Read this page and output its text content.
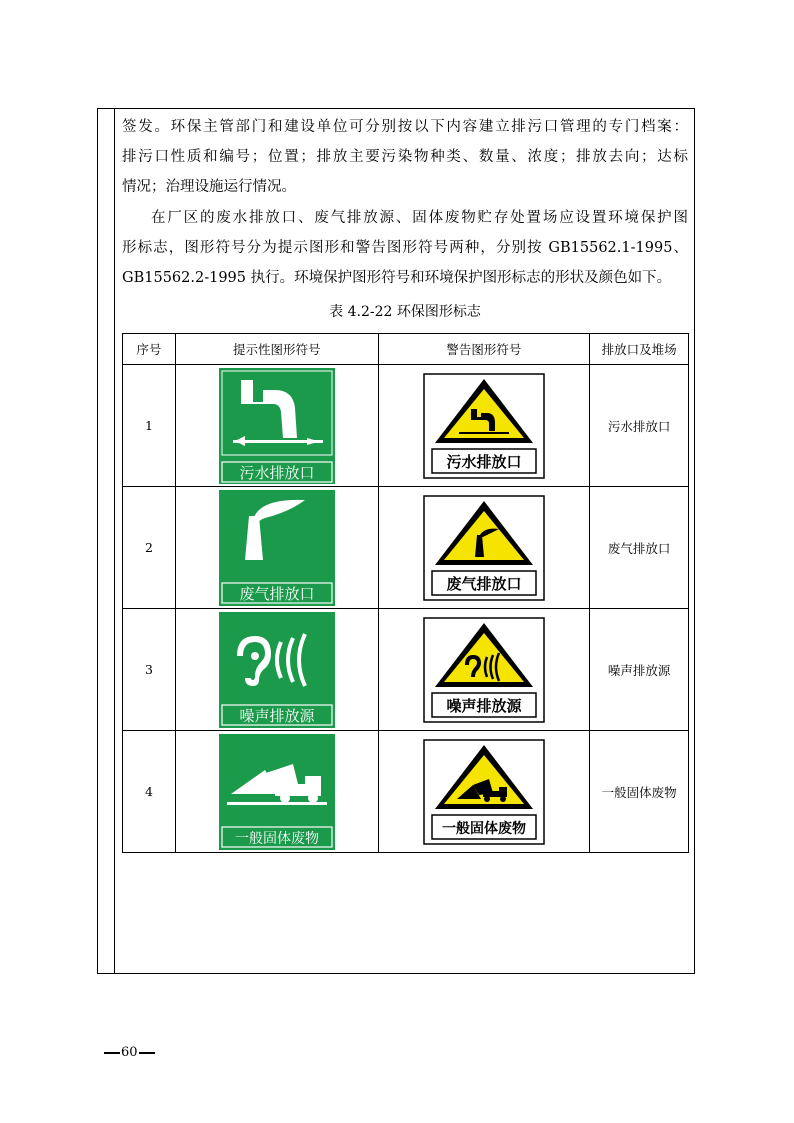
签发。环保主管部门和建设单位可分别按以下内容建立排污口管理的专门档案：

排污口性质和编号；位置；排放主要污染物种类、数量、浓度；排放去向；达标

情况；治理设施运行情况。

在厂区的废水排放口、废气排放源、固体废物贮存处置场应设置环境保护图

形标志，图形符号分为提示图形和警告图形符号两种，分别按 GB15562.1-1995、

GB15562.2-1995 执行。环境保护图形符号和环境保护图形标志的形状及颜色如下。

表 4.2-22 环保图形标志
序号	提示性图形符号	警告图形符号	排放口及堆场
1	污水排放口	污水排放口	污水排放口
2	废气排放口	废气排放口	废气排放口
3	噪声排放源	噪声排放源	噪声排放源
4	一般固体废物	一般固体废物	一般固体废物
60
